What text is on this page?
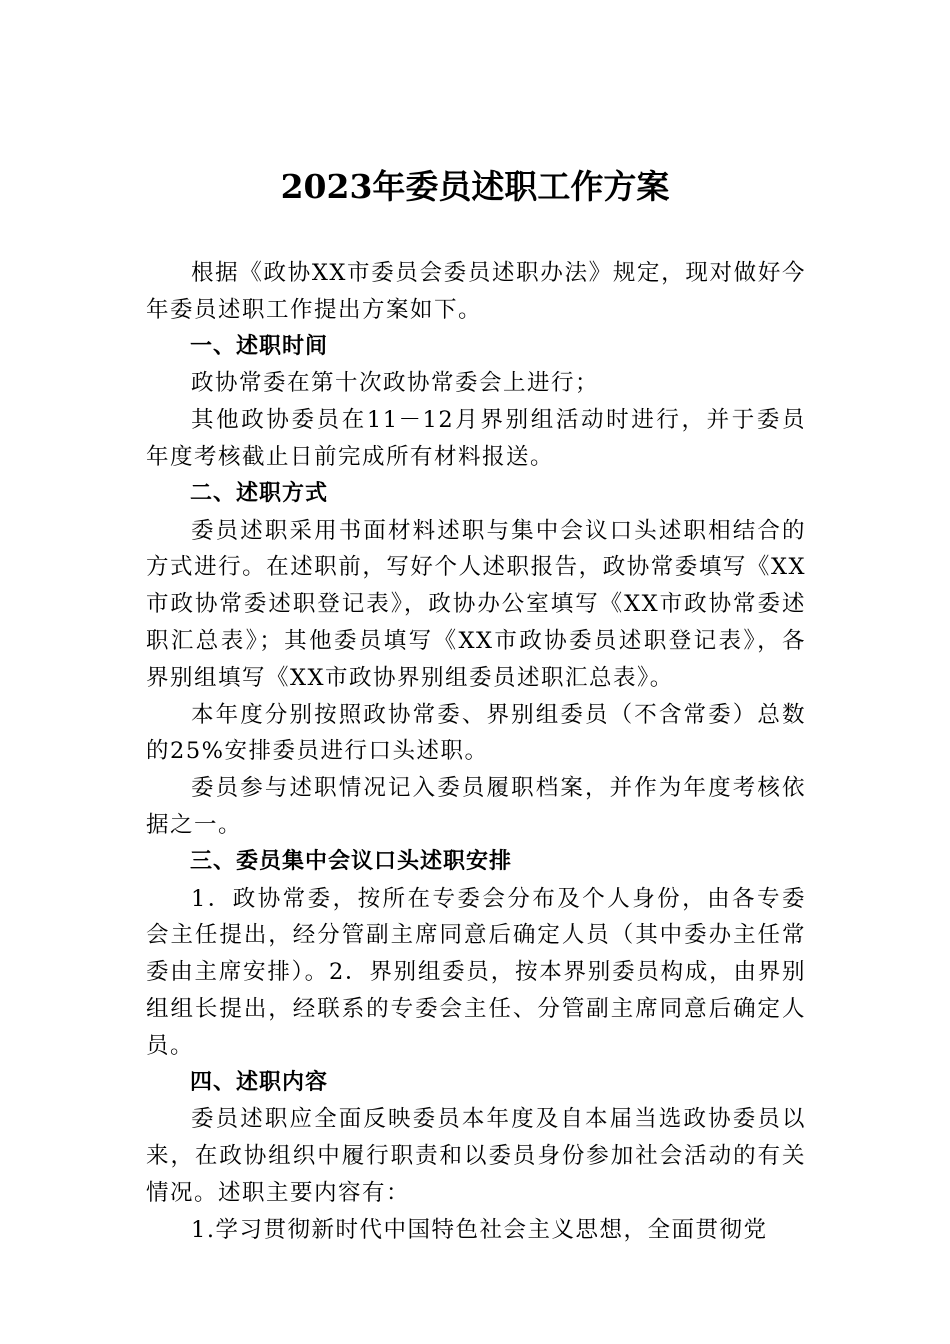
2023年委员述职工作方案

根据《政协XX市委员会委员述职办法》规定，现对做好今年委员述职工作提出方案如下。

一、述职时间

政协常委在第十次政协常委会上进行；

其他政协委员在11－12月界别组活动时进行，并于委员年度考核截止日前完成所有材料报送。

二、述职方式

委员述职采用书面材料述职与集中会议口头述职相结合的方式进行。在述职前，写好个人述职报告，政协常委填写《XX市政协常委述职登记表》，政协办公室填写《XX市政协常委述职汇总表》；其他委员填写《XX市政协委员述职登记表》，各界别组填写《XX市政协界别组委员述职汇总表》。

本年度分别按照政协常委、界别组委员（不含常委）总数的25%安排委员进行口头述职。

委员参与述职情况记入委员履职档案，并作为年度考核依据之一。

三、委员集中会议口头述职安排

1．政协常委，按所在专委会分布及个人身份，由各专委会主任提出，经分管副主席同意后确定人员（其中委办主任常委由主席安排）。2．界别组委员，按本界别委员构成，由界别组组长提出，经联系的专委会主任、分管副主席同意后确定人员。

四、述职内容

委员述职应全面反映委员本年度及自本届当选政协委员以来，在政协组织中履行职责和以委员身份参加社会活动的有关情况。述职主要内容有：

1.学习贯彻新时代中国特色社会主义思想，全面贯彻党
